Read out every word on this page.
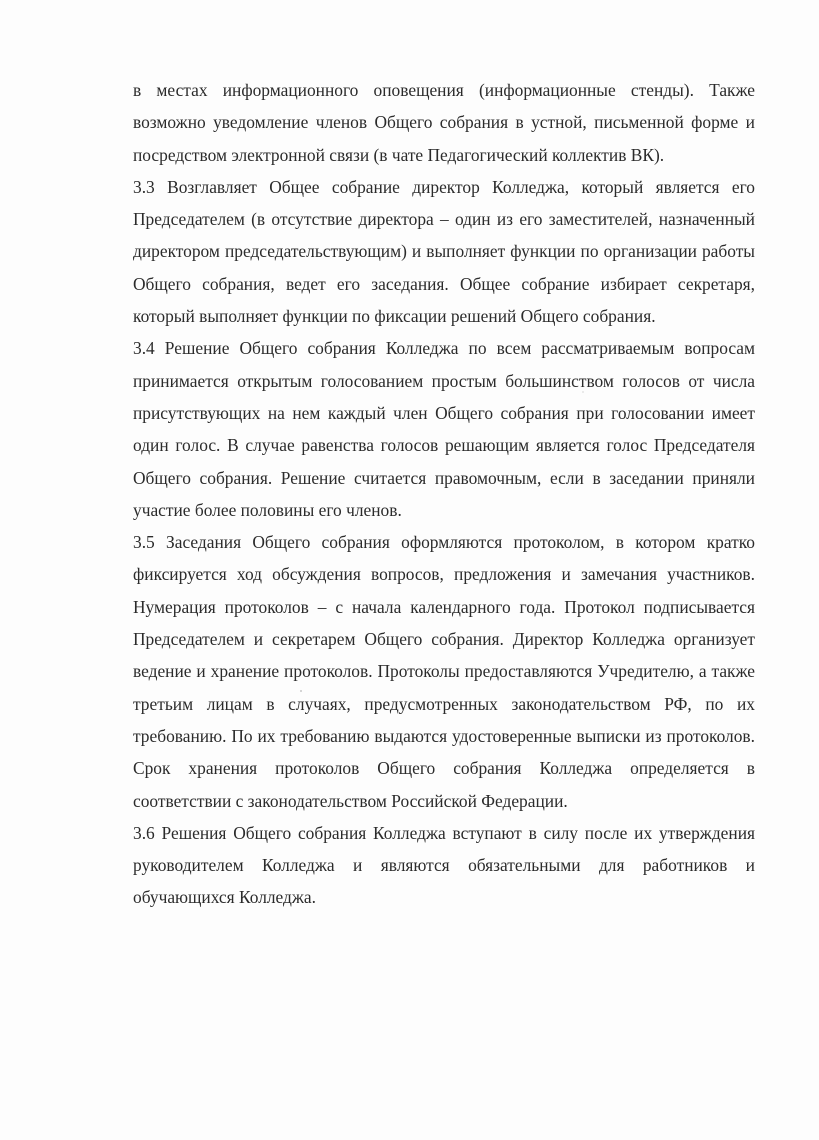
в местах информационного оповещения (информационные стенды). Также возможно уведомление членов Общего собрания в устной, письменной форме и посредством электронной связи (в чате Педагогический коллектив ВК).

3.3 Возглавляет Общее собрание директор Колледжа, который является его Председателем (в отсутствие директора – один из его заместителей, назначенный директором председательствующим) и выполняет функции по организации работы Общего собрания, ведет его заседания. Общее собрание избирает секретаря, который выполняет функции по фиксации решений Общего собрания.

3.4 Решение Общего собрания Колледжа по всем рассматриваемым вопросам принимается открытым голосованием простым большинством голосов от числа присутствующих на нем каждый член Общего собрания при голосовании имеет один голос. В случае равенства голосов решающим является голос Председателя Общего собрания. Решение считается правомочным, если в заседании приняли участие более половины его членов.

3.5 Заседания Общего собрания оформляются протоколом, в котором кратко фиксируется ход обсуждения вопросов, предложения и замечания участников. Нумерация протоколов – с начала календарного года. Протокол подписывается Председателем и секретарем Общего собрания. Директор Колледжа организует ведение и хранение протоколов. Протоколы предоставляются Учредителю, а также третьим лицам в случаях, предусмотренных законодательством РФ, по их требованию. По их требованию выдаются удостоверенные выписки из протоколов. Срок хранения протоколов Общего собрания Колледжа определяется в соответствии с законодательством Российской Федерации.

3.6 Решения Общего собрания Колледжа вступают в силу после их утверждения руководителем Колледжа и являются обязательными для работников и обучающихся Колледжа.
